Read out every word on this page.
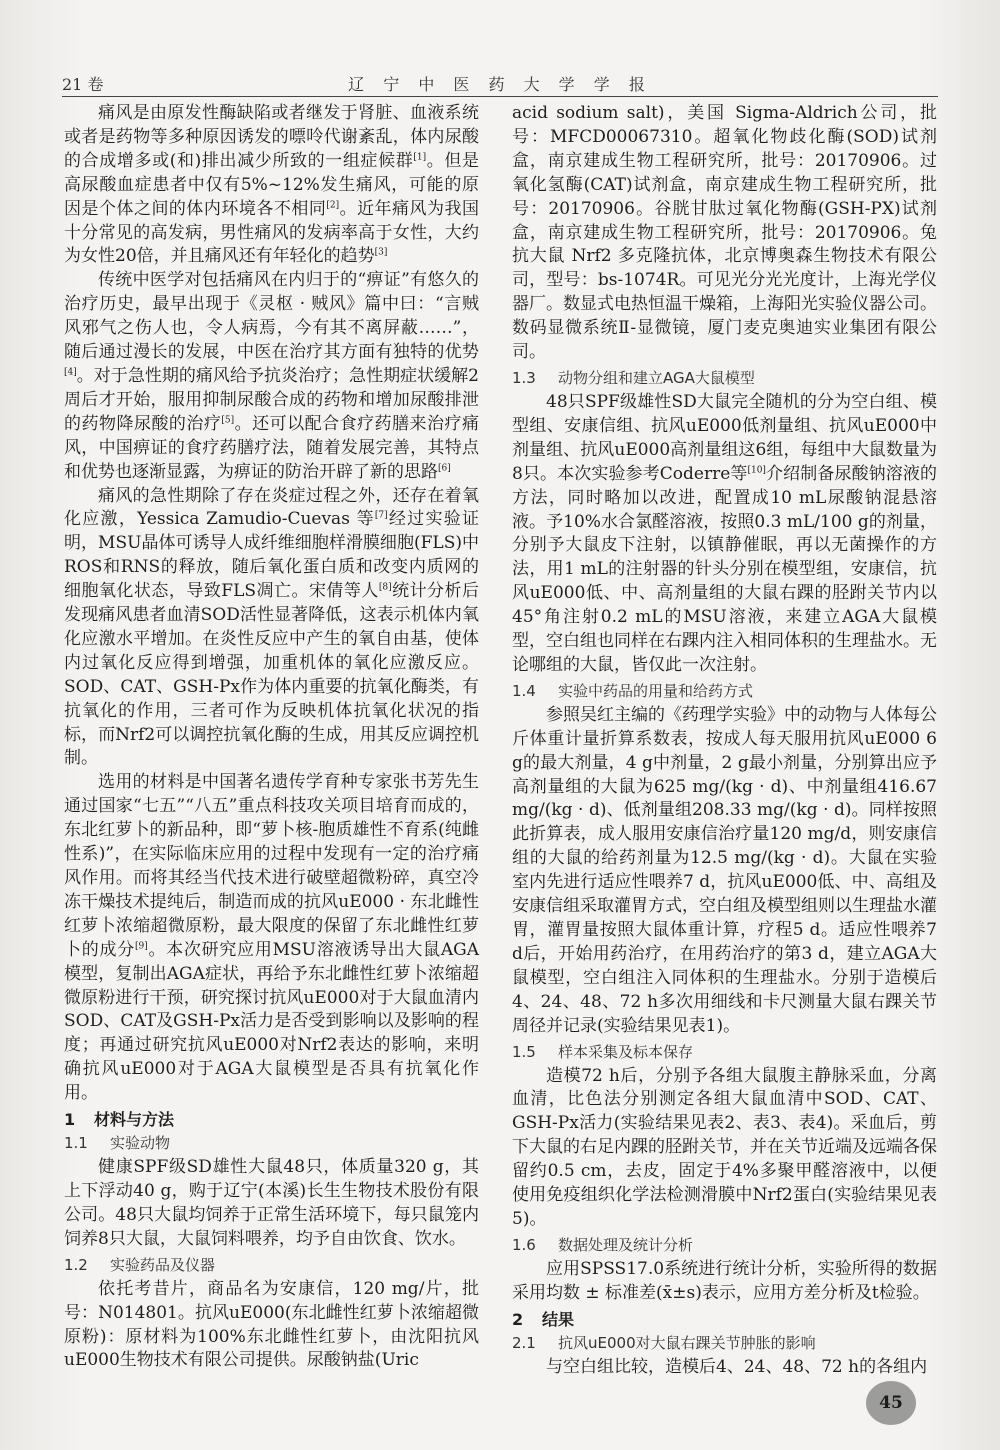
21 卷	辽 宁 中 医 药 大 学 学 报

痛风是由原发性酶缺陷或者继发于肾脏、血液系统或者是药物等多种原因诱发的嘌呤代谢紊乱，体内尿酸的合成增多或(和)排出减少所致的一组症候群[1]。但是高尿酸血症患者中仅有5%~12%发生痛风，可能的原因是个体之间的体内环境各不相同[2]。近年痛风为我国十分常见的高发病，男性痛风的发病率高于女性，大约为女性20倍，并且痛风还有年轻化的趋势[3]

传统中医学对包括痛风在内归于的“痹证”有悠久的治疗历史，最早出现于《灵枢 · 贼风》篇中曰：“言贼风邪气之伤人也，令人病焉，今有其不离屏蔽……”，随后通过漫长的发展，中医在治疗其方面有独特的优势[4]。对于急性期的痛风给予抗炎治疗；急性期症状缓解2周后才开始，服用抑制尿酸合成的药物和增加尿酸排泄的药物降尿酸的治疗[5]。还可以配合食疗药膳来治疗痛风，中国痹证的食疗药膳疗法，随着发展完善，其特点和优势也逐渐显露，为痹证的防治开辟了新的思路[6]

痛风的急性期除了存在炎症过程之外，还存在着氧化应激，Yessica Zamudio-Cuevas 等[7]经过实验证明，MSU晶体可诱导人成纤维细胞样滑膜细胞(FLS)中ROS和RNS的释放，随后氧化蛋白质和改变内质网的细胞氧化状态，导致FLS凋亡。宋倩等人[8]统计分析后发现痛风患者血清SOD活性显著降低，这表示机体内氧化应激水平增加。在炎性反应中产生的氧自由基，使体内过氧化反应得到增强，加重机体的氧化应激反应。SOD、CAT、GSH-Px作为体内重要的抗氧化酶类，有抗氧化的作用，三者可作为反映机体抗氧化状况的指标，而Nrf2可以调控抗氧化酶的生成，用其反应调控机制。

选用的材料是中国著名遗传学育种专家张书芳先生通过国家“七五”“八五”重点科技攻关项目培育而成的，东北红萝卜的新品种，即“萝卜核-胞质雄性不育系(纯雌性系)”，在实际临床应用的过程中发现有一定的治疗痛风作用。而将其经当代技术进行破壁超微粉碎，真空冷冻干燥技术提纯后，制造而成的抗风uE000 · 东北雌性红萝卜浓缩超微原粉，最大限度的保留了东北雌性红萝卜的成分[9]。本次研究应用MSU溶液诱导出大鼠AGA模型，复制出AGA症状，再给予东北雌性红萝卜浓缩超微原粉进行干预，研究探讨抗风uE000对于大鼠血清内SOD、CAT及GSH-Px活力是否受到影响以及影响的程度；再通过研究抗风uE000对Nrf2表达的影响，来明确抗风uE000对于AGA大鼠模型是否具有抗氧化作用。

1 材料与方法
1.1 实验动物

健康SPF级SD雄性大鼠48只，体质量320 g，其上下浮动40 g，购于辽宁(本溪)长生生物技术股份有限公司。48只大鼠均饲养于正常生活环境下，每只鼠笼内饲养8只大鼠，大鼠饲料喂养，均予自由饮食、饮水。

1.2 实验药品及仪器

依托考昔片，商品名为安康信，120 mg/片，批号：N014801。抗风uE000(东北雌性红萝卜浓缩超微原粉)：原材料为100%东北雌性红萝卜，由沈阳抗风uE000生物技术有限公司提供。尿酸钠盐(Uric

acid sodium salt)，美国 Sigma-Aldrich公司，批号：MFCD00067310。超氧化物歧化酶(SOD)试剂盒，南京建成生物工程研究所，批号：20170906。过氧化氢酶(CAT)试剂盒，南京建成生物工程研究所，批号：20170906。谷胱甘肽过氧化物酶(GSH-PX)试剂盒，南京建成生物工程研究所，批号：20170906。兔抗大鼠 Nrf2 多克隆抗体，北京博奥森生物技术有限公司，型号：bs-1074R。可见光分光光度计，上海光学仪器厂。数显式电热恒温干燥箱，上海阳光实验仪器公司。数码显微系统Ⅱ-显微镜，厦门麦克奥迪实业集团有限公司。

1.3 动物分组和建立AGA大鼠模型

48只SPF级雄性SD大鼠完全随机的分为空白组、模型组、安康信组、抗风uE000低剂量组、抗风uE000中剂量组、抗风uE000高剂量组这6组，每组中大鼠数量为8只。本次实验参考Coderre等[10]介绍制备尿酸钠溶液的方法，同时略加以改进，配置成10 mL尿酸钠混悬溶液。予10%水合氯醛溶液，按照0.3 mL/100 g的剂量，分别予大鼠皮下注射，以镇静催眠，再以无菌操作的方法，用1 mL的注射器的针头分别在模型组，安康信，抗风uE000低、中、高剂量组的大鼠右踝的胫跗关节内以45°角注射0.2 mL的MSU溶液，来建立AGA大鼠模型，空白组也同样在右踝内注入相同体积的生理盐水。无论哪组的大鼠，皆仅此一次注射。

1.4 实验中药品的用量和给药方式

参照吴红主编的《药理学实验》中的动物与人体每公斤体重计量折算系数表，按成人每天服用抗风uE000 6 g的最大剂量，4 g中剂量，2 g最小剂量，分别算出应予高剂量组的大鼠为625 mg/(kg · d)、中剂量组416.67 mg/(kg · d)、低剂量组208.33 mg/(kg · d)。同样按照此折算表，成人服用安康信治疗量120 mg/d，则安康信组的大鼠的给药剂量为12.5 mg/(kg · d)。大鼠在实验室内先进行适应性喂养7 d，抗风uE000低、中、高组及安康信组采取灌胃方式，空白组及模型组则以生理盐水灌胃，灌胃量按照大鼠体重计算，疗程5 d。适应性喂养7 d后，开始用药治疗，在用药治疗的第3 d，建立AGA大鼠模型，空白组注入同体积的生理盐水。分别于造模后4、24、48、72 h多次用细线和卡尺测量大鼠右踝关节周径并记录(实验结果见表1)。

1.5 样本采集及标本保存

造模72 h后，分别予各组大鼠腹主静脉采血，分离血清，比色法分别测定各组大鼠血清中SOD、CAT、GSH-Px活力(实验结果见表2、表3、表4)。采血后，剪下大鼠的右足内踝的胫跗关节，并在关节近端及远端各保留约0.5 cm，去皮，固定于4%多聚甲醛溶液中，以便使用免疫组织化学法检测滑膜中Nrf2蛋白(实验结果见表5)。

1.6 数据处理及统计分析

应用SPSS17.0系统进行统计分析，实验所得的数据采用均数 ± 标准差(x̄±s)表示，应用方差分析及t检验。

2 结果
2.1 抗风uE000对大鼠右踝关节肿胀的影响

与空白组比较，造模后4、24、48、72 h的各组内

45
